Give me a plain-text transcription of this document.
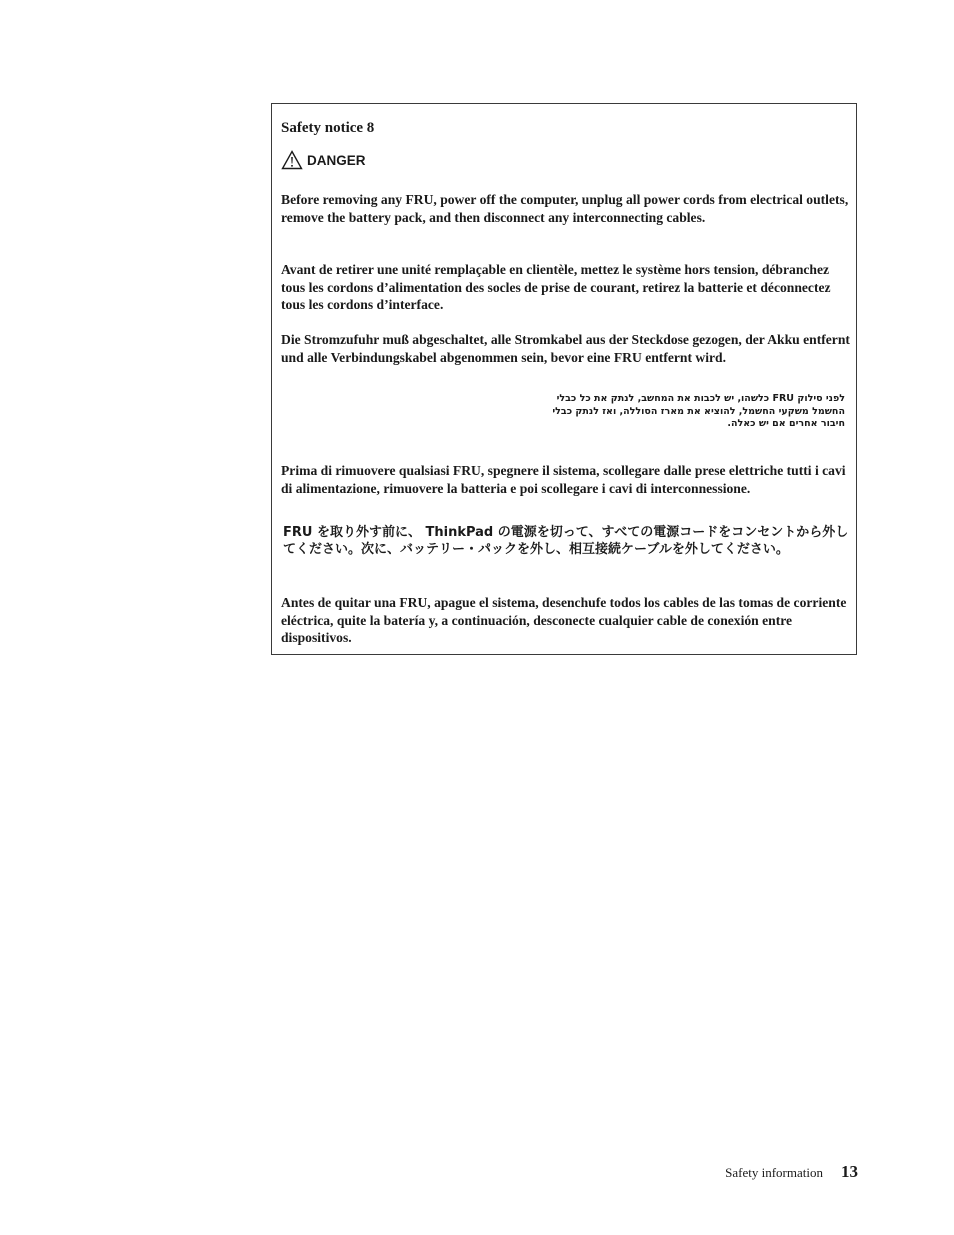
Safety notice 8
DANGER

Before removing any FRU, power off the computer, unplug all power cords from electrical outlets, remove the battery pack, and then disconnect any interconnecting cables.

Avant de retirer une unité remplaçable en clientèle, mettez le système hors tension, débranchez tous les cordons d’alimentation des socles de prise de courant, retirez la batterie et déconnectez tous les cordons d’interface.

Die Stromzufuhr muß abgeschaltet, alle Stromkabel aus der Steckdose gezogen, der Akku entfernt und alle Verbindungskabel abgenommen sein, bevor eine FRU entfernt wird.

לפני סילוק FRU כלשהו, יש לכבות את המחשב, לנתק את כל כבלי החשמל משקעי החשמל, להוציא את מארז הסוללה, ואז לנתק כבלי חיבור אחרים אם יש כאלה.

Prima di rimuovere qualsiasi FRU, spegnere il sistema, scollegare dalle prese elettriche tutti i cavi di alimentazione, rimuovere la batteria e poi scollegare i cavi di interconnessione.

FRU を取り外す前に、 ThinkPad の電源を切って、すべての電源コードをコンセントから外してください。次に、バッテリー・パックを外し、相互接続ケーブルを外してください。

Antes de quitar una FRU, apague el sistema, desenchufe todos los cables de las tomas de corriente eléctrica, quite la batería y, a continuación, desconecte cualquier cable de conexión entre dispositivos.

Safety information 13
